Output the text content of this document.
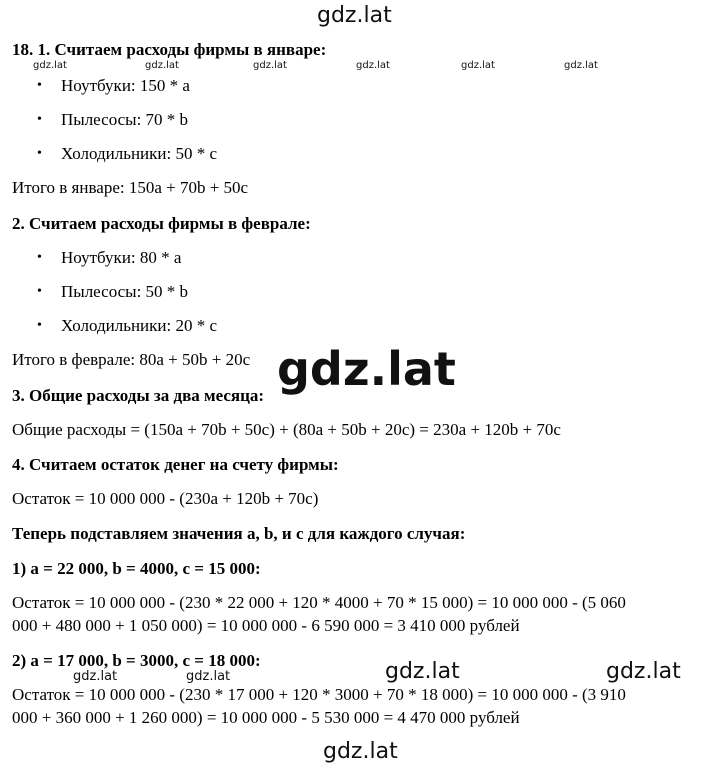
gdz.lat
18. 1. Считаем расходы фирмы в январе:
gdz.lat	gdz.lat	gdz.lat	gdz.lat	gdz.lat	gdz.lat
• Ноутбуки: 150 * a
• Пылесосы: 70 * b
• Холодильники: 50 * c
Итого в январе: 150a + 70b + 50c
2. Считаем расходы фирмы в феврале:
• Ноутбуки: 80 * a
• Пылесосы: 50 * b
• Холодильники: 20 * c
Итого в феврале: 80a + 50b + 20c gdz.lat
3. Общие расходы за два месяца:
Общие расходы = (150a + 70b + 50c) + (80a + 50b + 20c) = 230a + 120b + 70c
4. Считаем остаток денег на счету фирмы:
Остаток = 10 000 000 - (230a + 120b + 70c)
Теперь подставляем значения a, b, и c для каждого случая:
1) a = 22 000, b = 4000, c = 15 000:
Остаток = 10 000 000 - (230 * 22 000 + 120 * 4000 + 70 * 15 000) = 10 000 000 - (5 060
000 + 480 000 + 1 050 000) = 10 000 000 - 6 590 000 = 3 410 000 рублей
2) a = 17 000, b = 3000, c = 18 000:	gdz.lat	gdz.lat
gdz.lat	gdz.lat
Остаток = 10 000 000 - (230 * 17 000 + 120 * 3000 + 70 * 18 000) = 10 000 000 - (3 910
000 + 360 000 + 1 260 000) = 10 000 000 - 5 530 000 = 4 470 000 рублей
gdz.lat
